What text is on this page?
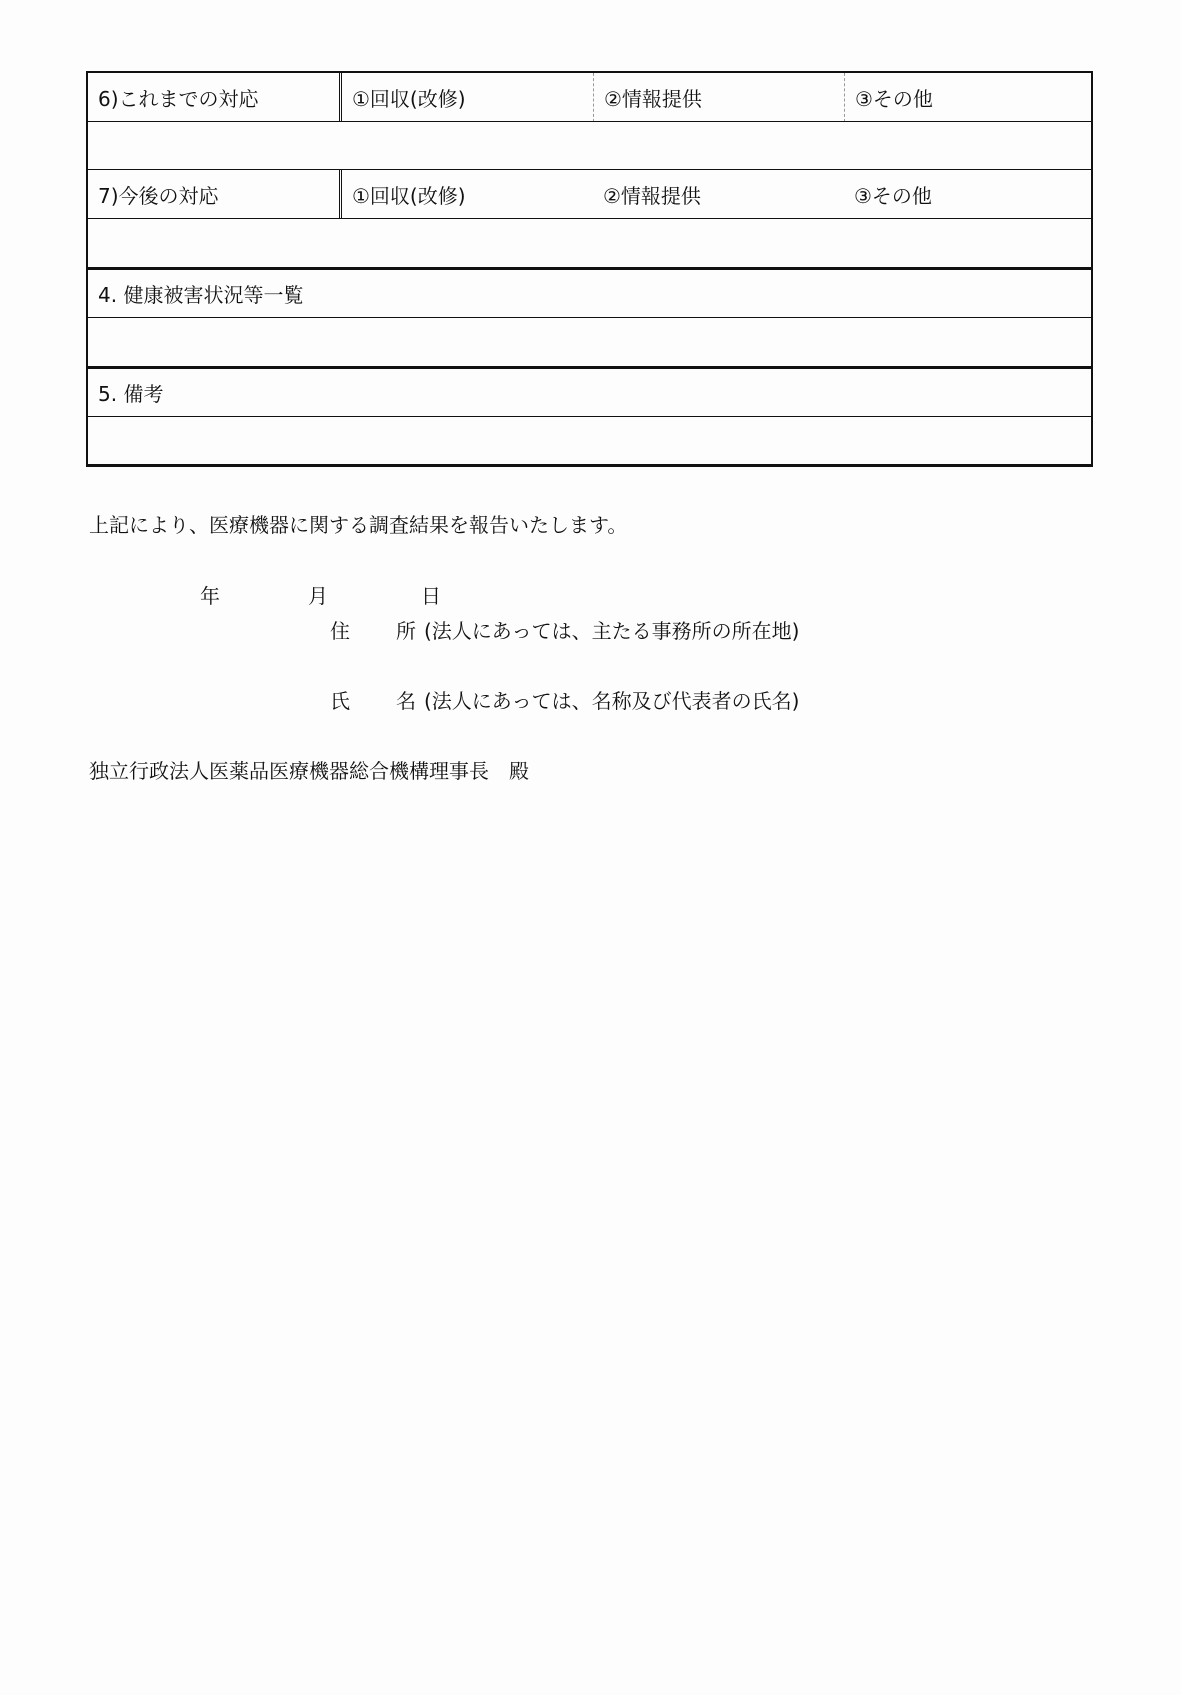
6)これまでの対応	①回収(改修)	②情報提供	③その他
7)今後の対応	①回収(改修)	②情報提供	③その他
4. 健康被害状況等一覧
5. 備考
上記により、医療機器に関する調査結果を報告いたします。
年	月	日
住 所 (法人にあっては、主たる事務所の所在地)
氏 名 (法人にあっては、名称及び代表者の氏名)
独立行政法人医薬品医療機器総合機構理事長　殿
